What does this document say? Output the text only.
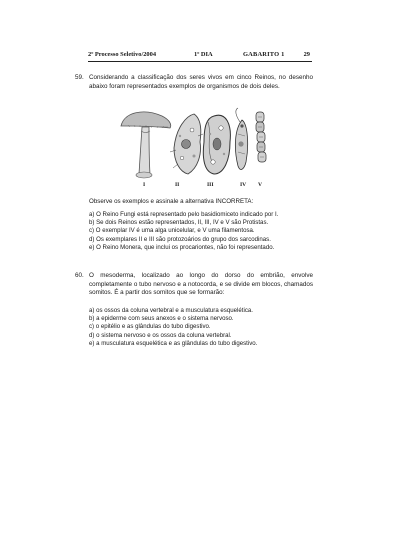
2º Processo Seletivo/2004	1º DIA	GABARITO 1	29
59. Considerando a classificação dos seres vivos em cinco Reinos, no desenho abaixo foram representados exemplos de organismos de dois deles.
I	II	III	IV V
Observe os exemplos e assinale a alternativa INCORRETA:
a) O Reino Fungi está representado pelo basidiomiceto indicado por I.
b) Se dois Reinos estão representados, II, III, IV e V são Protistas.
c) O exemplar IV é uma alga unicelular, e V uma filamentosa.
d) Os exemplares II e III são protozoários do grupo dos sarcodinas.
e) O Reino Monera, que inclui os procariontes, não foi representado.
60. O mesoderma, localizado ao longo do dorso do embrião, envolve completamente o tubo nervoso e a notocorda, e se divide em blocos, chamados somitos. É a partir dos somitos que se formarão:
a) os ossos da coluna vertebral e a musculatura esquelética.
b) a epiderme com seus anexos e o sistema nervoso.
c) o epitélio e as glândulas do tubo digestivo.
d) o sistema nervoso e os ossos da coluna vertebral.
e) a musculatura esquelética e as glândulas do tubo digestivo.
